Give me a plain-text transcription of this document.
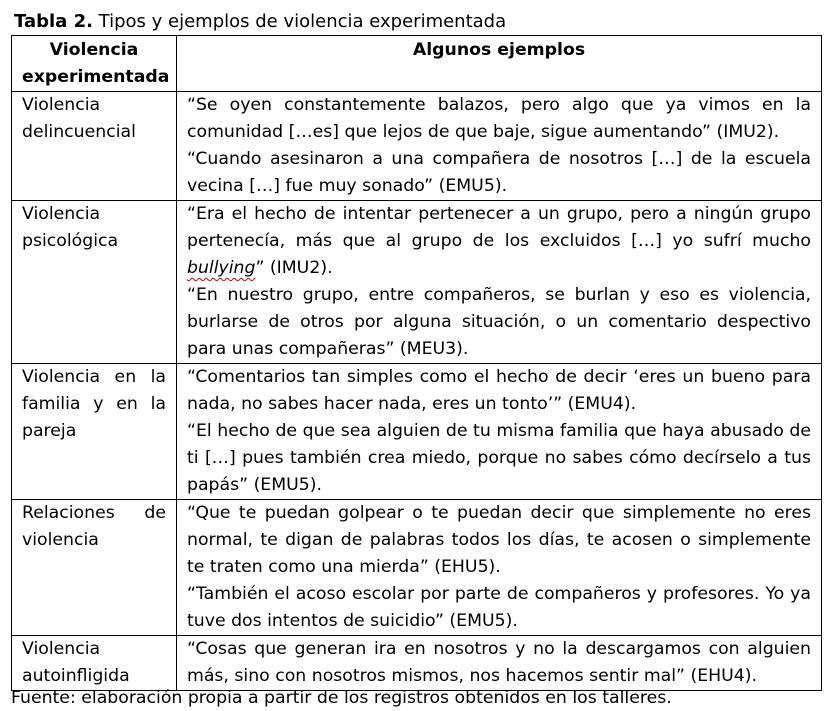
Tabla 2. Tipos y ejemplos de violencia experimentada
Violencia experimentada	Algunos ejemplos
Violencia delincuencial	“Se oyen constantemente balazos, pero algo que ya vimos en la comunidad […es] que lejos de que baje, sigue aumentando” (IMU2).
“Cuando asesinaron a una compañera de nosotros […] de la escuela vecina […] fue muy sonado” (EMU5).

Violencia psicológica	“Era el hecho de intentar pertenecer a un grupo, pero a ningún grupo pertenecía, más que al grupo de los excluidos […] yo sufrí mucho bullying” (IMU2).
“En nuestro grupo, entre compañeros, se burlan y eso es violencia, burlarse de otros por alguna situación, o un comentario despectivo para unas compañeras” (MEU3).

Violencia en la familia y en la pareja	“Comentarios tan simples como el hecho de decir ‘eres un bueno para nada, no sabes hacer nada, eres un tonto’” (EMU4).
“El hecho de que sea alguien de tu misma familia que haya abusado de ti […] pues también crea miedo, porque no sabes cómo decírselo a tus papás” (EMU5).

Relaciones de violencia	“Que te puedan golpear o te puedan decir que simplemente no eres normal, te digan de palabras todos los días, te acosen o simplemente te traten como una mierda” (EHU5).
“También el acoso escolar por parte de compañeros y profesores. Yo ya tuve dos intentos de suicidio” (EMU5).

Violencia autoinfligida	“Cosas que generan ira en nosotros y no la descargamos con alguien más, sino con nosotros mismos, nos hacemos sentir mal” (EHU4).
Fuente: elaboración propia a partir de los registros obtenidos en los talleres.
